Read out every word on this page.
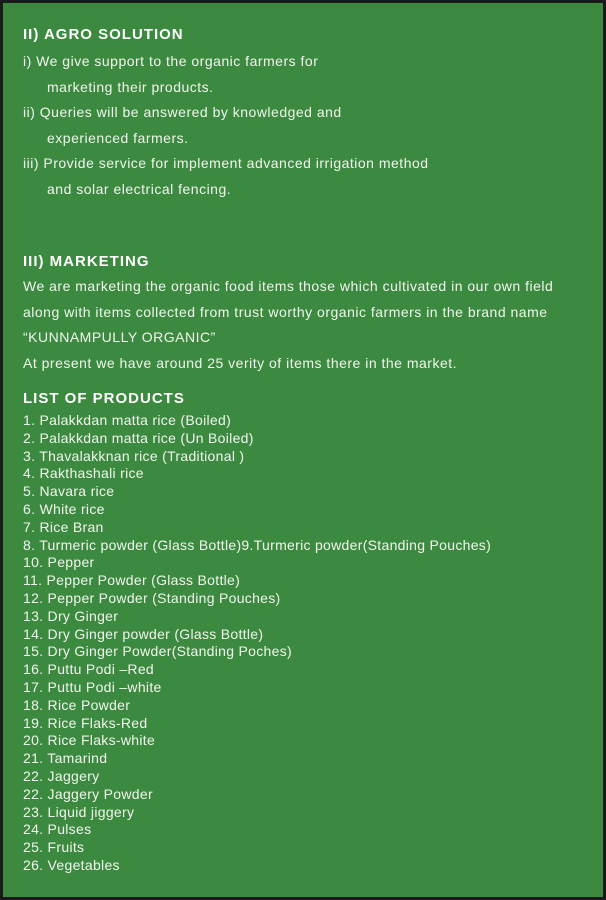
II) AGRO SOLUTION

i) We give support to the organic farmers for

marketing their products.

ii) Queries will be answered by knowledged and

experienced farmers.

iii) Provide service for implement advanced irrigation method

and solar electrical fencing.

III) MARKETING

We are marketing the organic food items those which cultivated in our own field

along with items collected from trust worthy organic farmers in the brand name

“KUNNAMPULLY ORGANIC”

At present we have around 25 verity of items there in the market.

LIST OF PRODUCTS
1. Palakkdan matta rice (Boiled)
2. Palakkdan matta rice (Un Boiled)
3. Thavalakknan rice (Traditional )
4. Rakthashali rice
5. Navara rice
6. White rice
7. Rice Bran
8. Turmeric powder (Glass Bottle)9.Turmeric powder(Standing Pouches)
10. Pepper
11. Pepper Powder (Glass Bottle)
12. Pepper Powder (Standing Pouches)
13. Dry Ginger
14. Dry Ginger powder (Glass Bottle)
15. Dry Ginger Powder(Standing Poches)
16. Puttu Podi –Red
17. Puttu Podi –white
18. Rice Powder
19. Rice Flaks-Red
20. Rice Flaks-white
21. Tamarind
22. Jaggery
22. Jaggery Powder
23. Liquid jiggery
24. Pulses
25. Fruits
26. Vegetables
